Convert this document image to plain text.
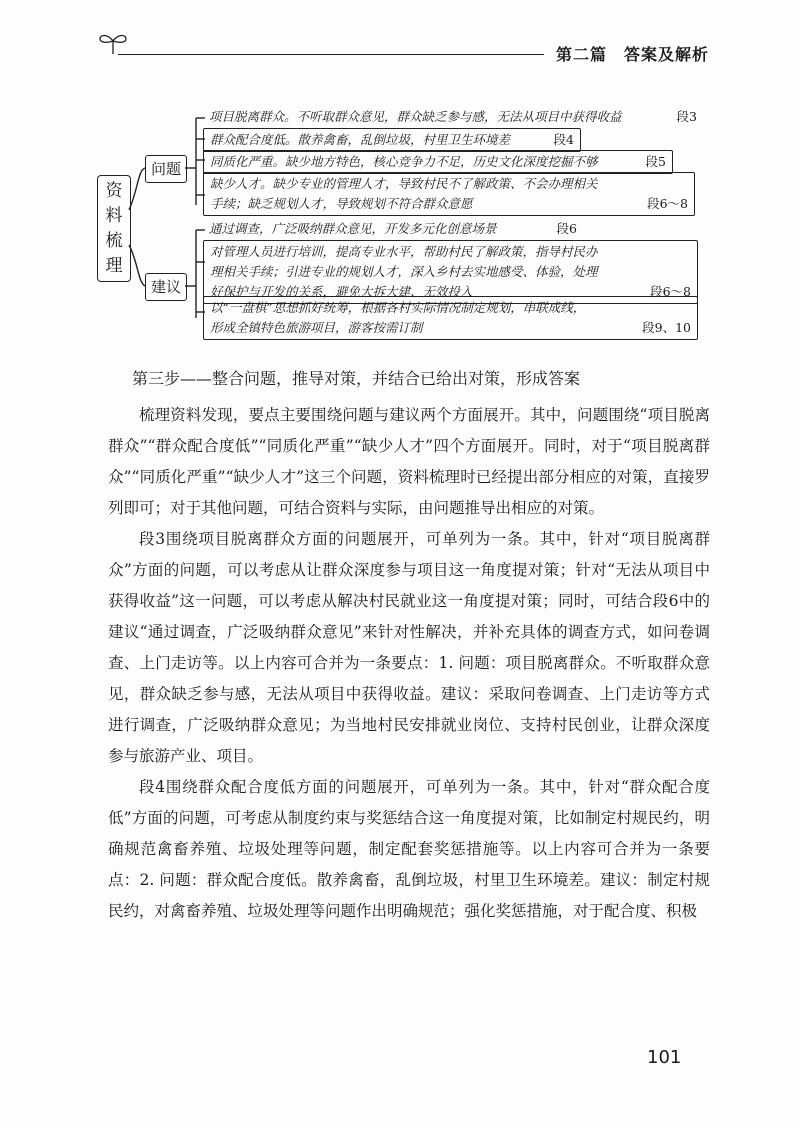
第二篇　答案及解析
资
料
梳
理
问题
建议
项目脱离群众。不听取群众意见，群众缺乏参与感，无法从项目中获得收益	段3
群众配合度低。散养禽畜，乱倒垃圾，村里卫生环境差	段4
同质化严重。缺少地方特色，核心竞争力不足，历史文化深度挖掘不够	段5
缺少人才。缺少专业的管理人才，导致村民不了解政策、不会办理相关
手续；缺乏规划人才，导致规划不符合群众意愿	段6～8
通过调查，广泛吸纳群众意见，开发多元化创意场景	段6
对管理人员进行培训，提高专业水平，帮助村民了解政策，指导村民办
理相关手续；引进专业的规划人才，深入乡村去实地感受、体验，处理
好保护与开发的关系，避免大拆大建、无效投入	段6～8
以“一盘棋”思想抓好统筹，根据各村实际情况制定规划，串联成线，
形成全镇特色旅游项目，游客按需订制	段9、10
第三步——整合问题，推导对策，并结合已给出对策，形成答案

梳理资料发现，要点主要围绕问题与建议两个方面展开。其中，问题围绕“项目脱离群众”“群众配合度低”“同质化严重”“缺少人才”四个方面展开。同时，对于“项目脱离群众”“同质化严重”“缺少人才”这三个问题，资料梳理时已经提出部分相应的对策，直接罗列即可；对于其他问题，可结合资料与实际，由问题推导出相应的对策。

段3围绕项目脱离群众方面的问题展开，可单列为一条。其中，针对“项目脱离群众”方面的问题，可以考虑从让群众深度参与项目这一角度提对策；针对“无法从项目中获得收益”这一问题，可以考虑从解决村民就业这一角度提对策；同时，可结合段6中的建议“通过调查，广泛吸纳群众意见”来针对性解决，并补充具体的调查方式，如问卷调查、上门走访等。以上内容可合并为一条要点：1. 问题：项目脱离群众。不听取群众意见，群众缺乏参与感，无法从项目中获得收益。建议：采取问卷调查、上门走访等方式进行调查，广泛吸纳群众意见；为当地村民安排就业岗位、支持村民创业，让群众深度参与旅游产业、项目。

段4围绕群众配合度低方面的问题展开，可单列为一条。其中，针对“群众配合度低”方面的问题，可考虑从制度约束与奖惩结合这一角度提对策，比如制定村规民约，明确规范禽畜养殖、垃圾处理等问题，制定配套奖惩措施等。以上内容可合并为一条要点：2. 问题：群众配合度低。散养禽畜，乱倒垃圾，村里卫生环境差。建议：制定村规民约，对禽畜养殖、垃圾处理等问题作出明确规范；强化奖惩措施，对于配合度、积极

101
